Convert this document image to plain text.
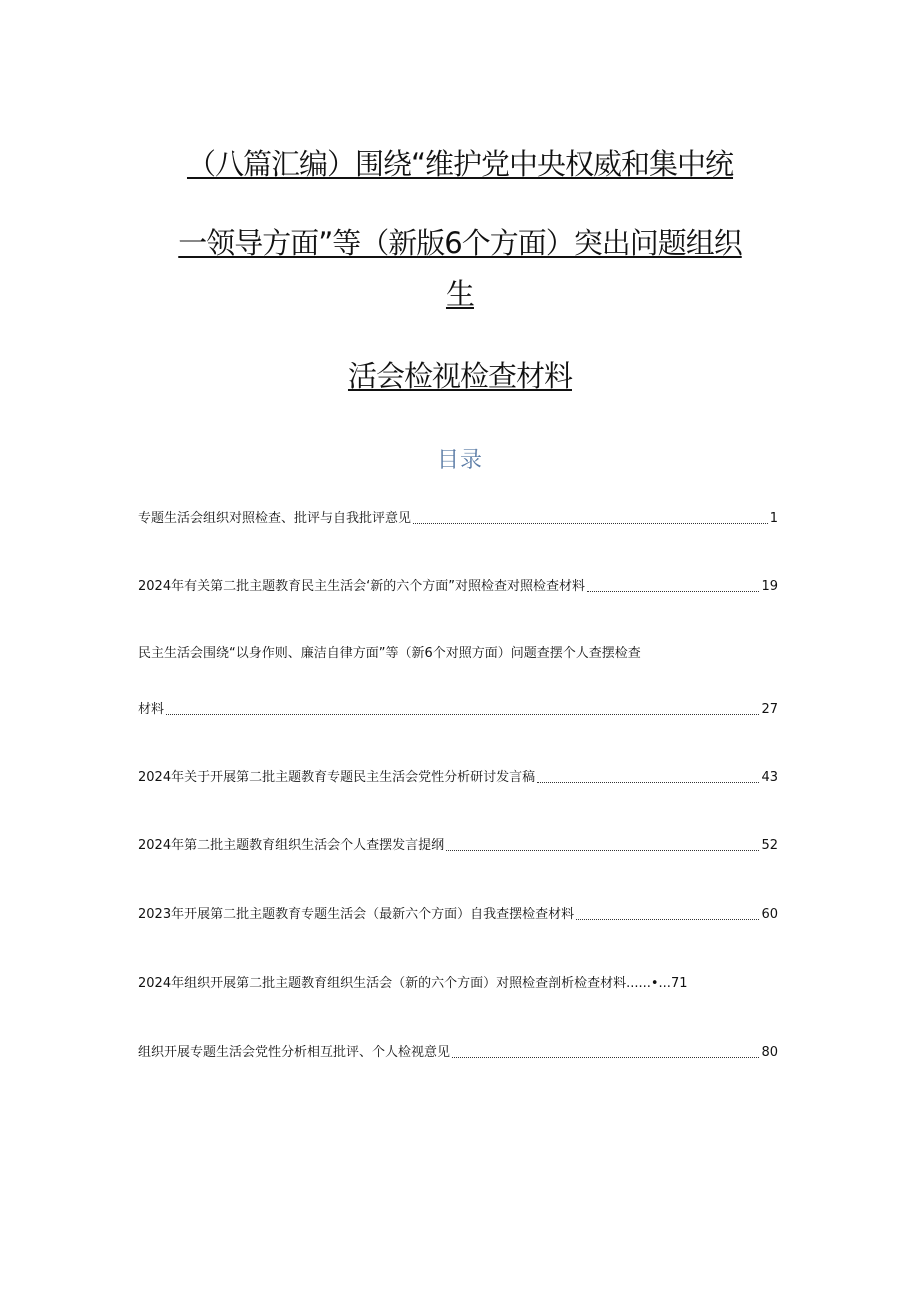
（八篇汇编）围绕“维护党中央权威和集中统
一领导方面”等（新版6个方面）突出问题组织
生
活会检视检查材料
目录
专题生活会组织对照检查、批评与自我批评意见	1
2024年有关第二批主题教育民主生活会‘新的六个方面”对照检查对照检查材料	19
民主生活会围绕“以身作则、廉洁自律方面”等（新6个对照方面）问题查摆个人查摆检查
材料	27
2024年关于开展第二批主题教育专题民主生活会党性分析研讨发言稿	43
2024年第二批主题教育组织生活会个人查摆发言提纲	52
2023年开展第二批主题教育专题生活会（最新六个方面）自我查摆检查材料	60
2024年组织开展第二批主题教育组织生活会（新的六个方面）对照检查剖析检查材料......•... 71
组织开展专题生活会党性分析相互批评、个人检视意见	80
